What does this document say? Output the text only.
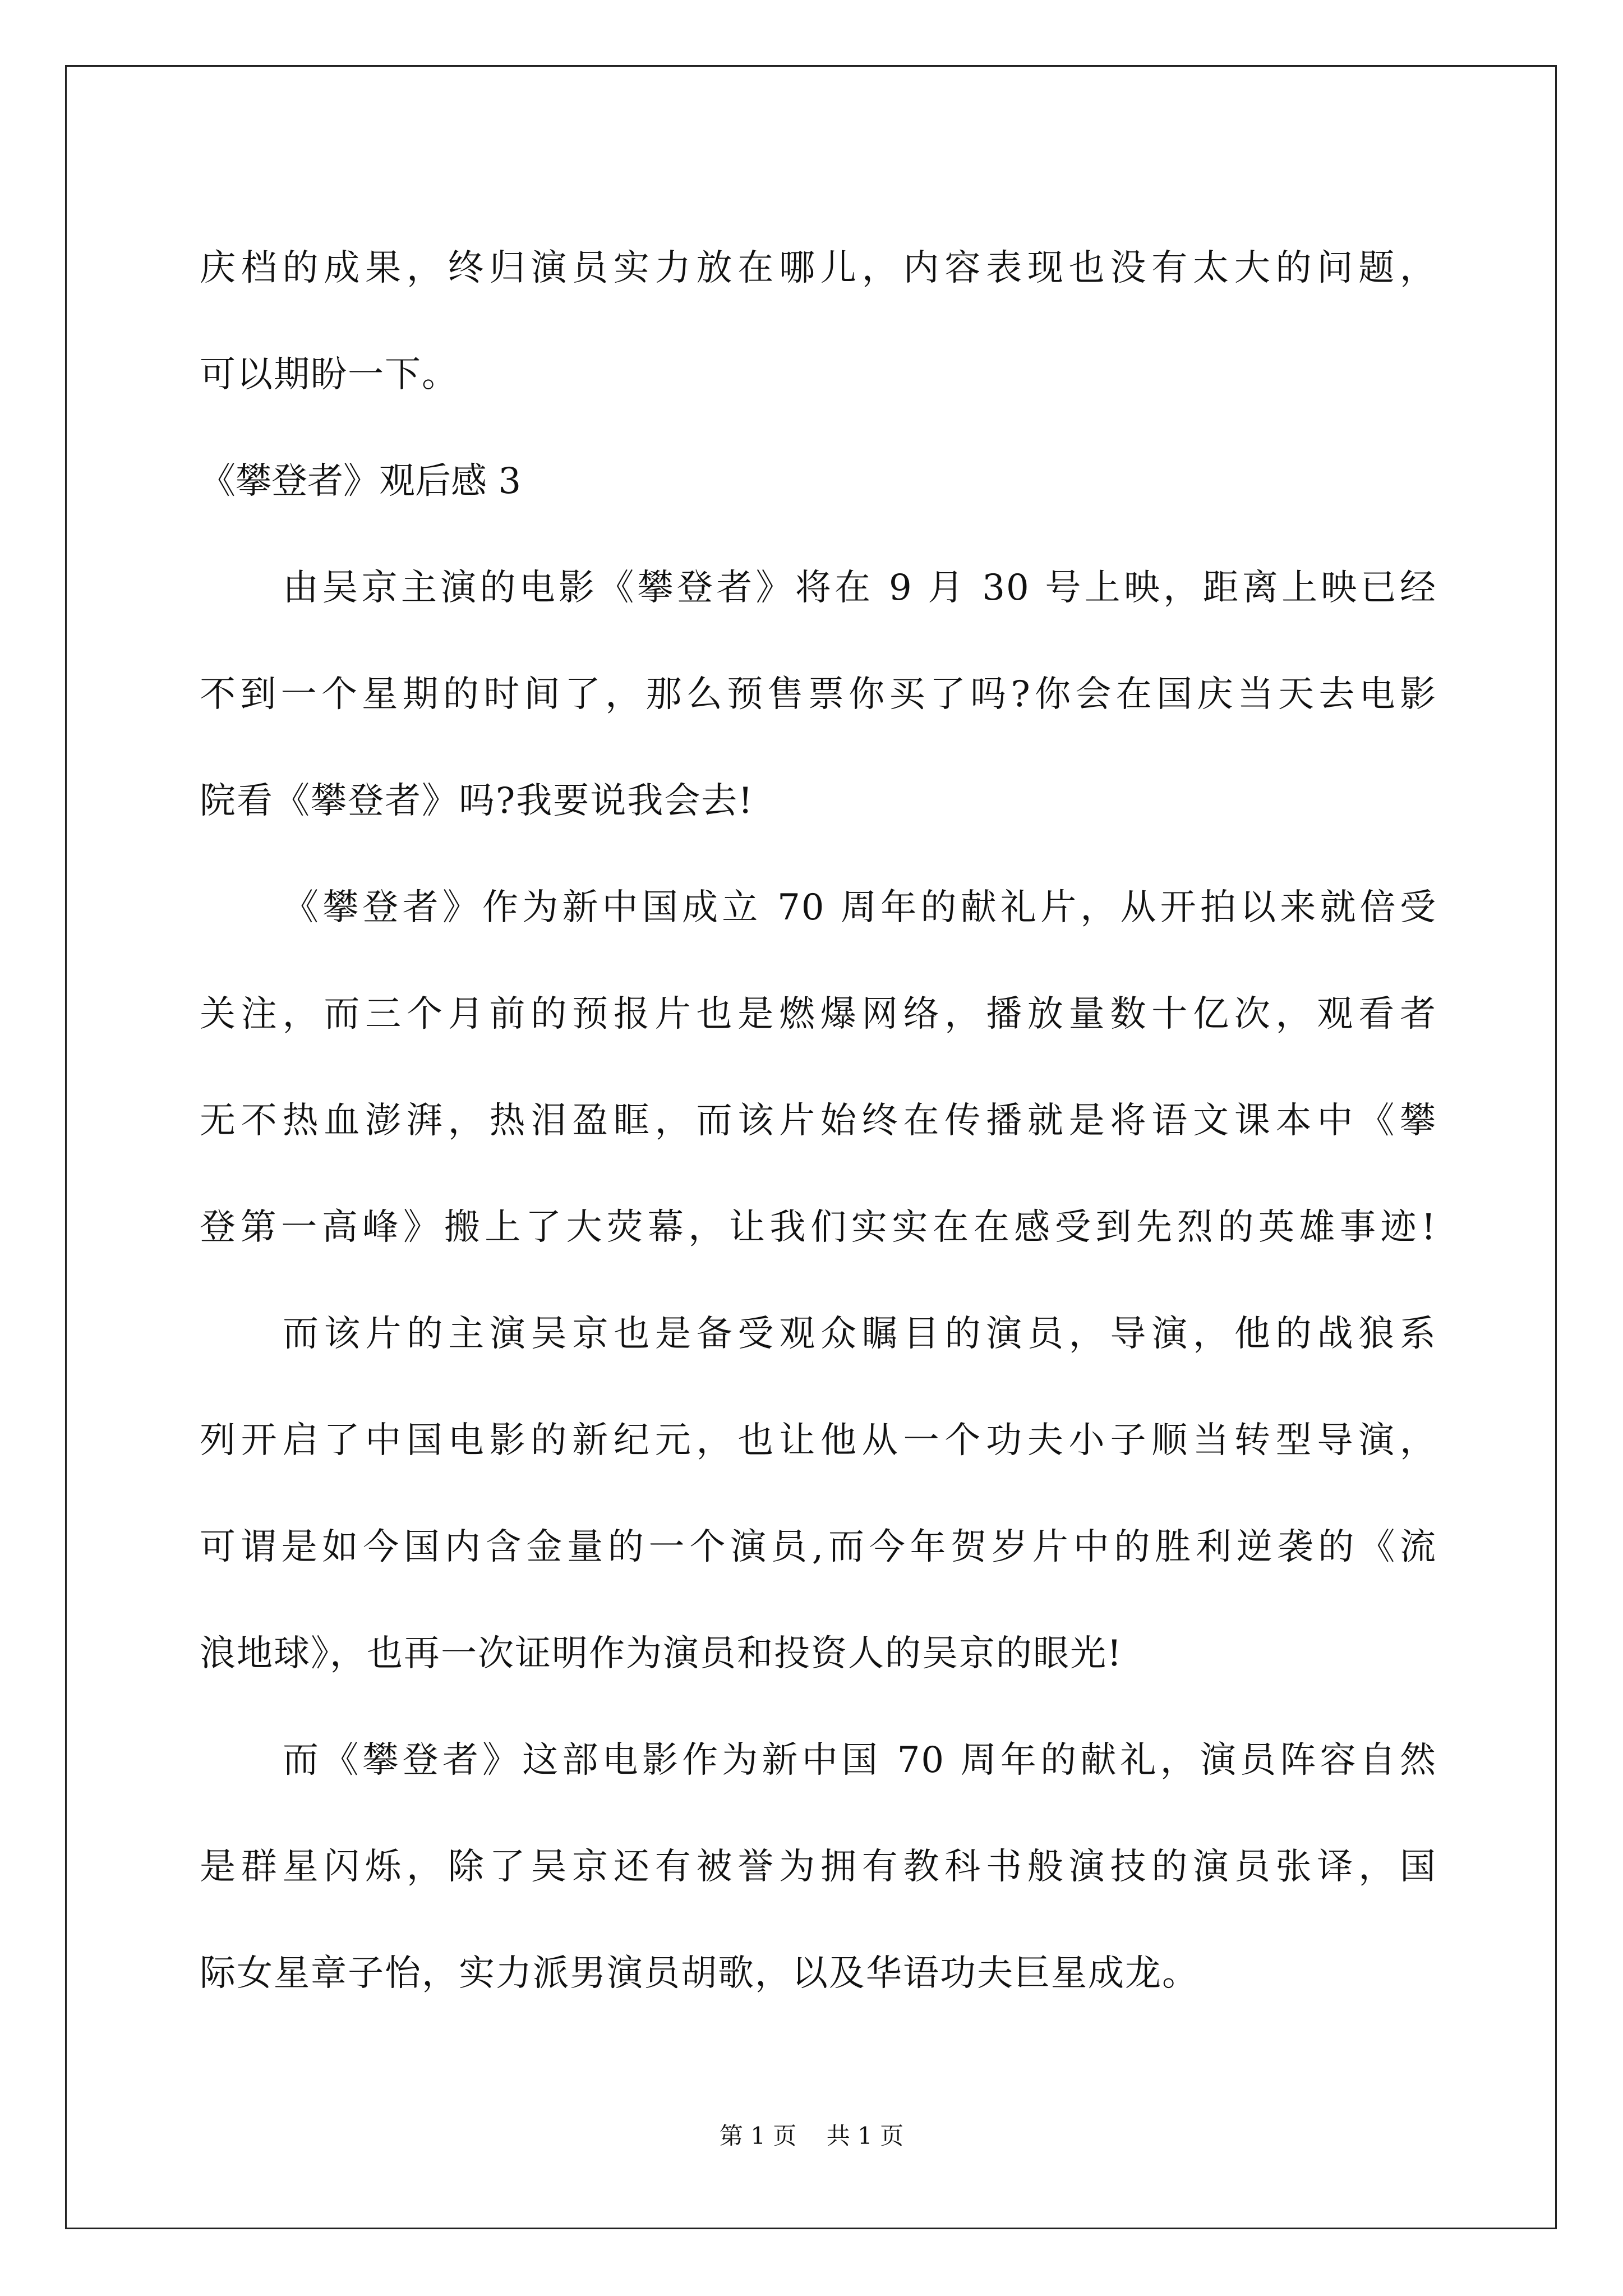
庆档的成果，终归演员实力放在哪儿，内容表现也没有太大的问题，
可以期盼一下。
《攀登者》观后感 3
由吴京主演的电影《攀登者》将在 9 月 30 号上映，距离上映已经
不到一个星期的时间了，那么预售票你买了吗?你会在国庆当天去电影
院看《攀登者》吗?我要说我会去!
《攀登者》作为新中国成立 70 周年的献礼片，从开拍以来就倍受
关注，而三个月前的预报片也是燃爆网络，播放量数十亿次，观看者
无不热血澎湃，热泪盈眶，而该片始终在传播就是将语文课本中《攀
登第一高峰》搬上了大荧幕，让我们实实在在感受到先烈的英雄事迹!
而该片的主演吴京也是备受观众瞩目的演员，导演，他的战狼系
列开启了中国电影的新纪元，也让他从一个功夫小子顺当转型导演，
可谓是如今国内含金量的一个演员,而今年贺岁片中的胜利逆袭的《流
浪地球》，也再一次证明作为演员和投资人的吴京的眼光!
而《攀登者》这部电影作为新中国 70 周年的献礼，演员阵容自然
是群星闪烁，除了吴京还有被誉为拥有教科书般演技的演员张译，国
际女星章子怡，实力派男演员胡歌，以及华语功夫巨星成龙。
第 1 页    共 1 页
